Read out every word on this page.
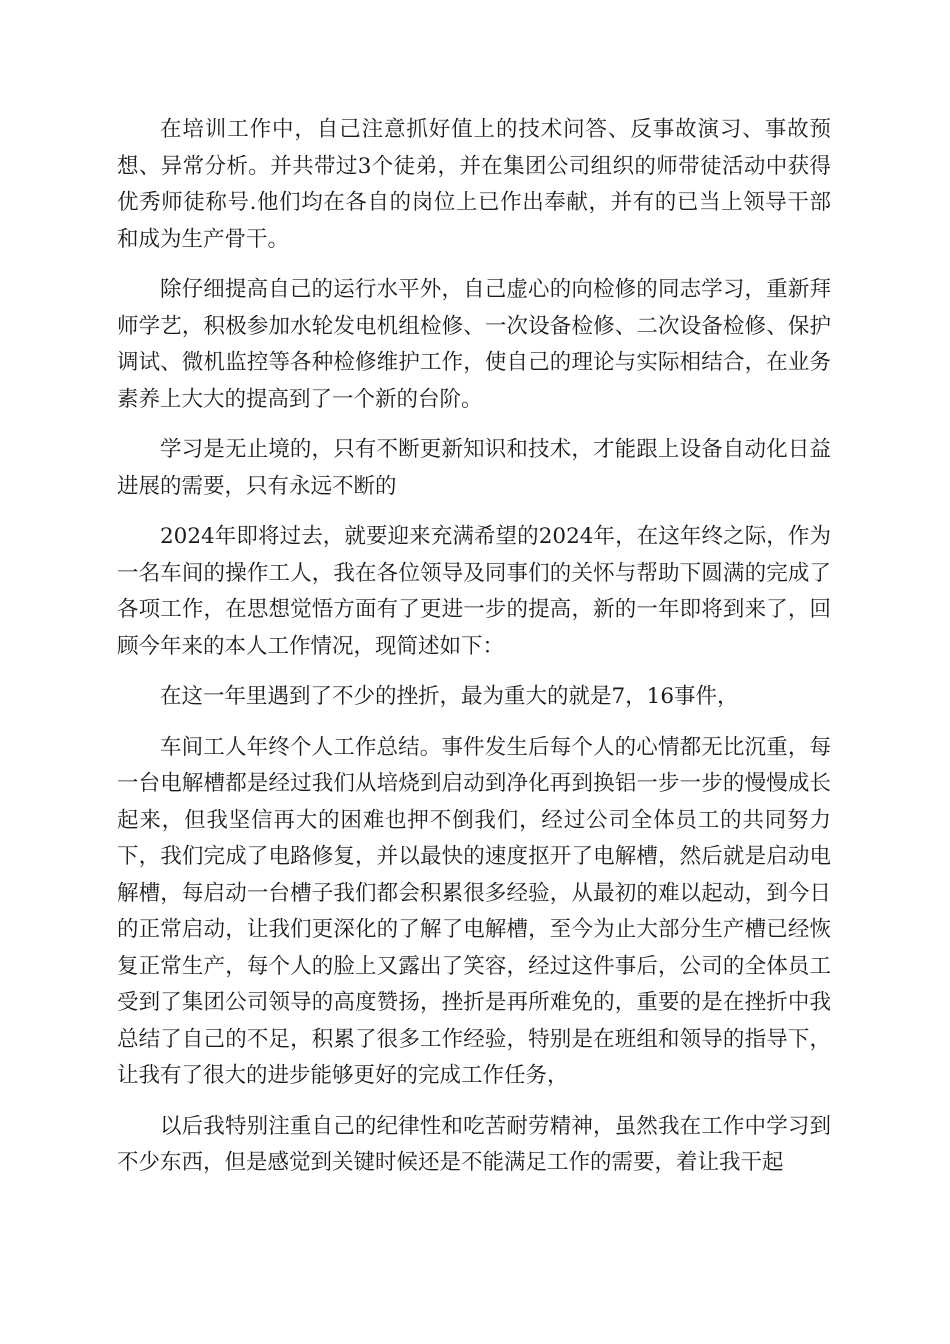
在培训工作中，自己注意抓好值上的技术问答、反事故演习、事故预想、异常分析。并共带过3个徒弟，并在集团公司组织的师带徒活动中获得优秀师徒称号.他们均在各自的岗位上已作出奉献，并有的已当上领导干部和成为生产骨干。

除仔细提高自己的运行水平外，自己虚心的向检修的同志学习，重新拜师学艺，积极参加水轮发电机组检修、一次设备检修、二次设备检修、保护调试、微机监控等各种检修维护工作，使自己的理论与实际相结合，在业务素养上大大的提高到了一个新的台阶。

学习是无止境的，只有不断更新知识和技术，才能跟上设备自动化日益进展的需要，只有永远不断的

2024年即将过去，就要迎来充满希望的2024年，在这年终之际，作为一名车间的操作工人，我在各位领导及同事们的关怀与帮助下圆满的完成了各项工作，在思想觉悟方面有了更进一步的提高，新的一年即将到来了，回顾今年来的本人工作情况，现简述如下：

在这一年里遇到了不少的挫折，最为重大的就是7，16事件，

车间工人年终个人工作总结。事件发生后每个人的心情都无比沉重，每一台电解槽都是经过我们从培烧到启动到净化再到换铝一步一步的慢慢成长起来，但我坚信再大的困难也押不倒我们，经过公司全体员工的共同努力下，我们完成了电路修复，并以最快的速度抠开了电解槽，然后就是启动电解槽，每启动一台槽子我们都会积累很多经验，从最初的难以起动，到今日的正常启动，让我们更深化的了解了电解槽，至今为止大部分生产槽已经恢复正常生产，每个人的脸上又露出了笑容，经过这件事后，公司的全体员工受到了集团公司领导的高度赞扬，挫折是再所难免的，重要的是在挫折中我总结了自己的不足，积累了很多工作经验，特别是在班组和领导的指导下，让我有了很大的进步能够更好的完成工作任务，

以后我特别注重自己的纪律性和吃苦耐劳精神，虽然我在工作中学习到不少东西，但是感觉到关键时候还是不能满足工作的需要，着让我干起
